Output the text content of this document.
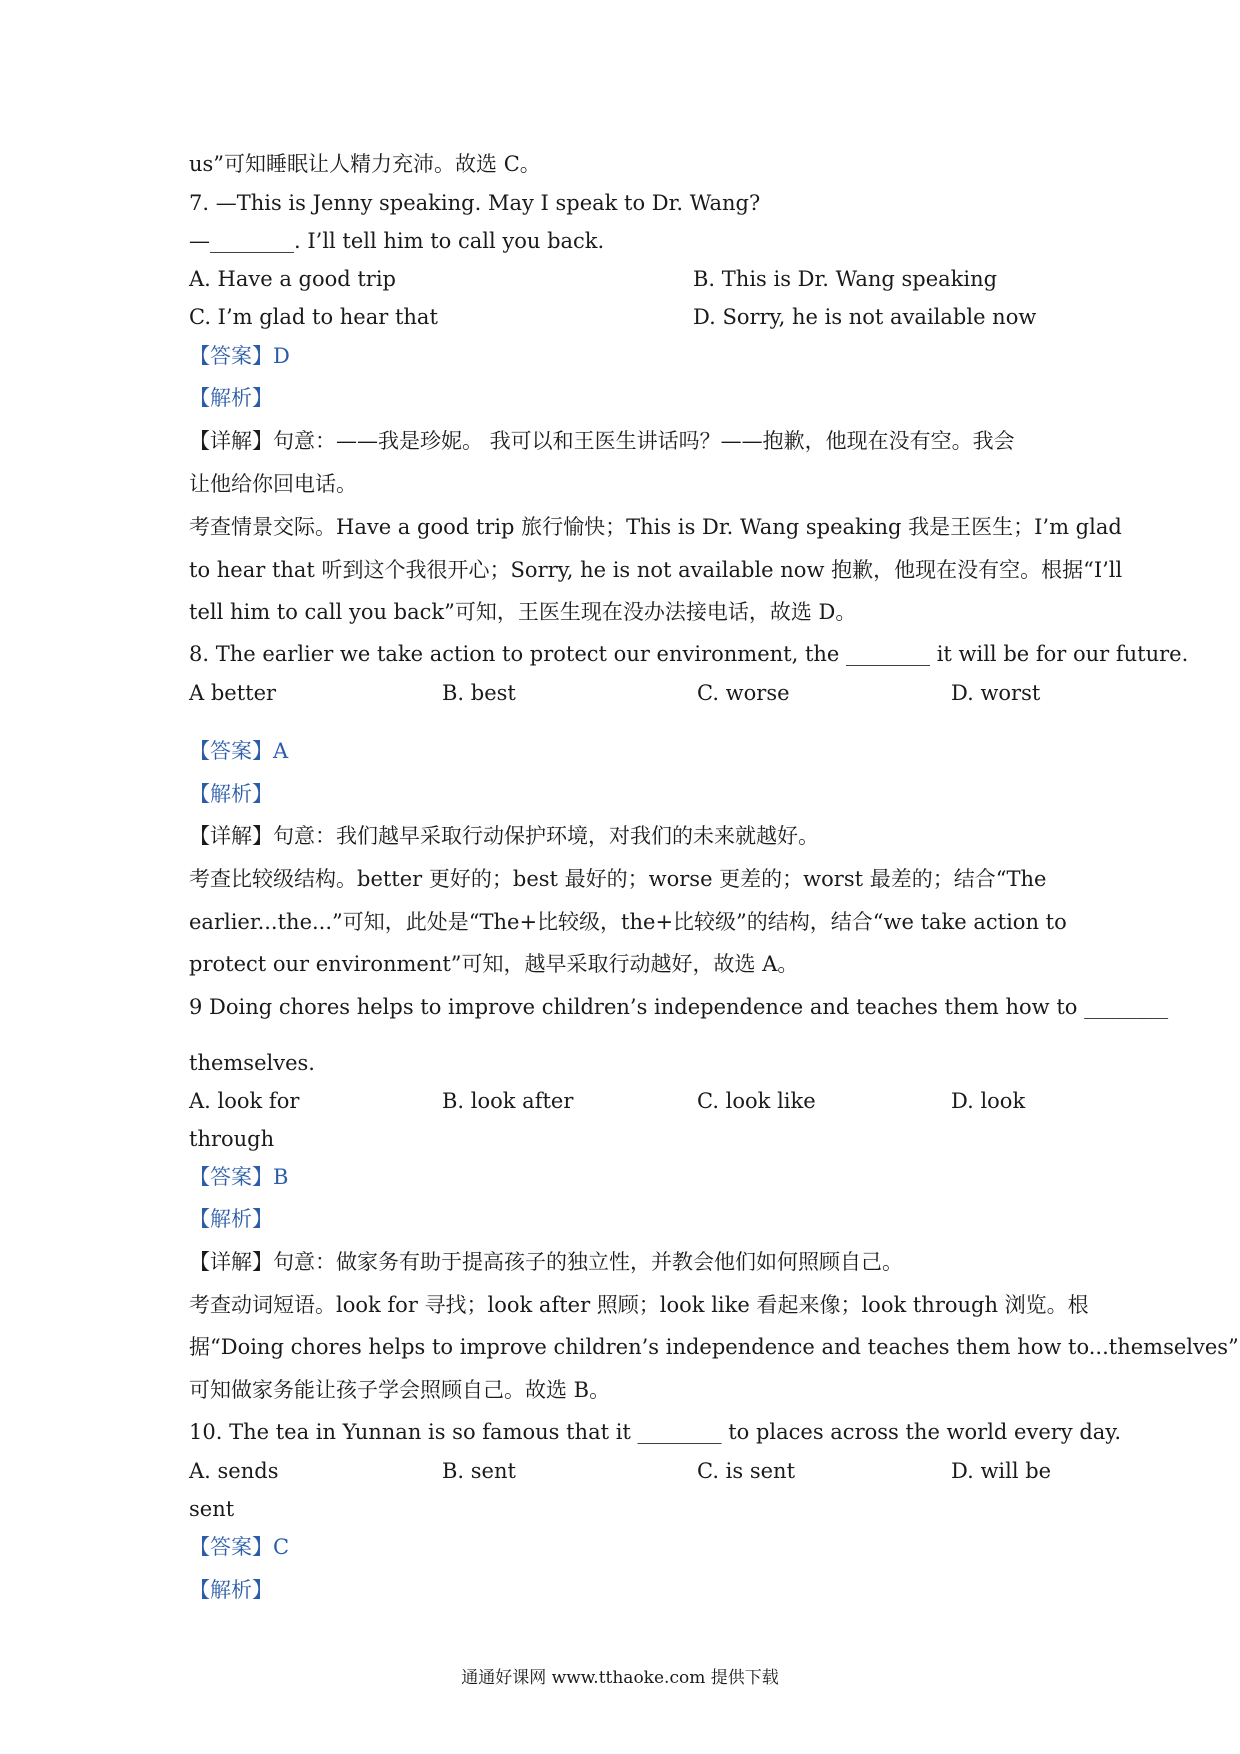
us”可知睡眠让人精力充沛。故选 C。
7. —This is Jenny speaking. May I speak to Dr. Wang?
—________. I’ll tell him to call you back.
A. Have a good trip	B. This is Dr. Wang speaking
C. I’m glad to hear that	D. Sorry, he is not available now
【答案】D
【解析】
【详解】句意：——我是珍妮。 我可以和王医生讲话吗？——抱歉，他现在没有空。我会
让他给你回电话。
考查情景交际。Have a good trip 旅行愉快；This is Dr. Wang speaking 我是王医生；I’m glad
to hear that 听到这个我很开心；Sorry, he is not available now 抱歉，他现在没有空。根据“I’ll
tell him to call you back”可知，王医生现在没办法接电话，故选 D。
8. The earlier we take action to protect our environment, the ________ it will be for our future.
A better	B. best	C. worse	D. worst
【答案】A
【解析】
【详解】句意：我们越早采取行动保护环境，对我们的未来就越好。
考查比较级结构。better 更好的；best 最好的；worse 更差的；worst 最差的；结合“The
earlier...the...”可知，此处是“The+比较级，the+比较级”的结构，结合“we take action to
protect our environment”可知，越早采取行动越好，故选 A。
9 Doing chores helps to improve children’s independence and teaches them how to ________
themselves.
A. look for	B. look after	C. look like	D. look
through
【答案】B
【解析】
【详解】句意：做家务有助于提高孩子的独立性，并教会他们如何照顾自己。
考查动词短语。look for 寻找；look after 照顾；look like 看起来像；look through 浏览。根
据“Doing chores helps to improve children’s independence and teaches them how to...themselves”
可知做家务能让孩子学会照顾自己。故选 B。
10. The tea in Yunnan is so famous that it ________ to places across the world every day.
A. sends	B. sent	C. is sent	D. will be
sent
【答案】C
【解析】
通通好课网 www.tthaoke.com 提供下载
